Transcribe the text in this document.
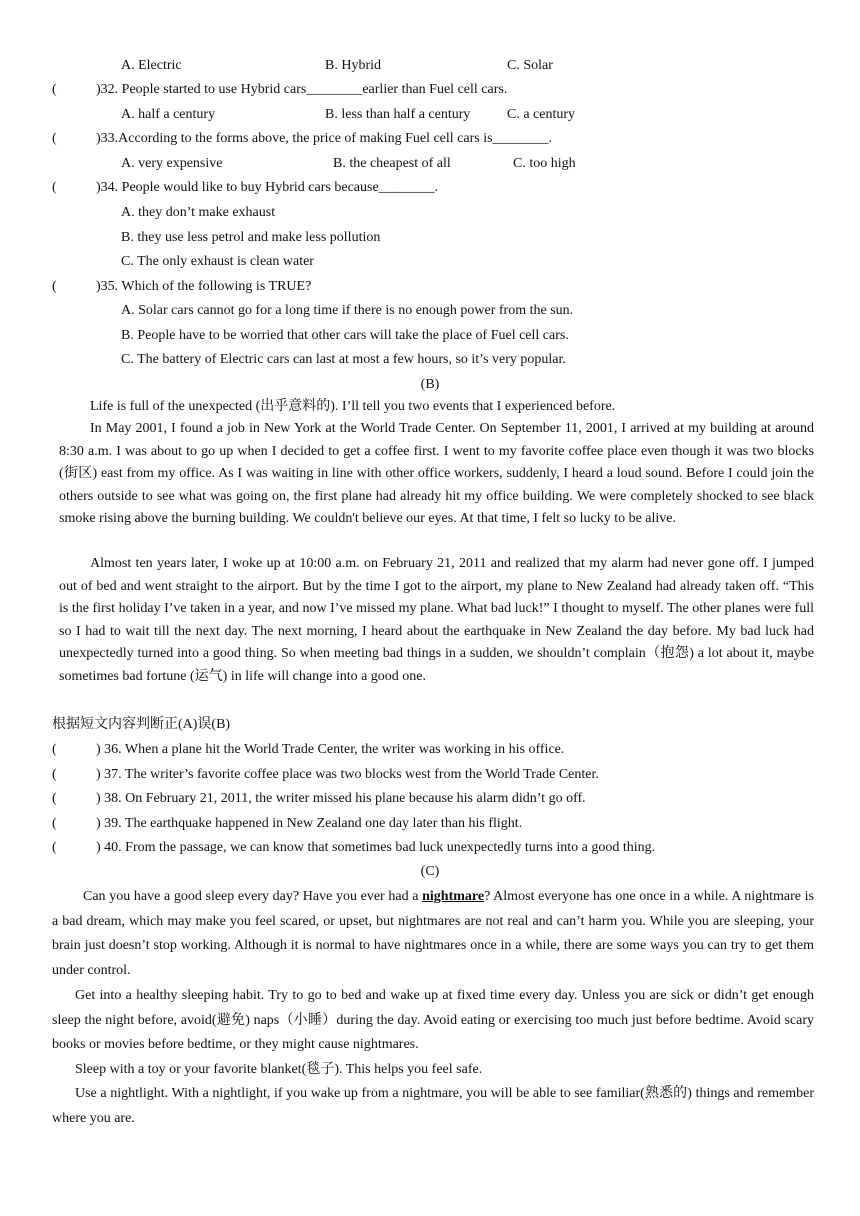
A. Electric	B. Hybrid	C. Solar
(	)32. People started to use Hybrid cars________earlier than Fuel cell cars.
A. half a century	B. less than half a century	C. a century
(	)33.According to the forms above, the price of making Fuel cell cars is________.
A. very expensive	B. the cheapest of all	C. too high
(	)34. People would like to buy Hybrid cars because________.
A. they don’t make exhaust
B. they use less petrol and make less pollution
C. The only exhaust is clean water
(	)35. Which of the following is TRUE?
A. Solar cars cannot go for a long time if there is no enough power from the sun.
B. People have to be worried that other cars will take the place of Fuel cell cars.
C. The battery of Electric cars can last at most a few hours, so it’s very popular.
(B)
Life is full of the unexpected (出乎意料的). I’ll tell you two events that I experienced before.
In May 2001, I found a job in New York at the World Trade Center. On September 11, 2001, I arrived at my building at around 8:30 a.m. I was about to go up when I decided to get a coffee first. I went to my favorite coffee place even though it was two blocks (街区) east from my office. As I was waiting in line with other office workers, suddenly, I heard a loud sound. Before I could join the others outside to see what was going on, the first plane had already hit my office building. We were completely shocked to see black smoke rising above the burning building. We couldn't believe our eyes. At that time, I felt so lucky to be alive.
Almost ten years later, I woke up at 10:00 a.m. on February 21, 2011 and realized that my alarm had never gone off. I jumped out of bed and went straight to the airport. But by the time I got to the airport, my plane to New Zealand had already taken off. “This is the first holiday I’ve taken in a year, and now I’ve missed my plane. What bad luck!” I thought to myself. The other planes were full so I had to wait till the next day. The next morning, I heard about the earthquake in New Zealand the day before. My bad luck had unexpectedly turned into a good thing. So when meeting bad things in a sudden, we shouldn’t complain（抱怨) a lot about it, maybe sometimes bad fortune (运气) in life will change into a good one.
根据短文内容判断正(A)误(B)
(	) 36. When a plane hit the World Trade Center, the writer was working in his office.
(	) 37. The writer’s favorite coffee place was two blocks west from the World Trade Center.
(	) 38. On February 21, 2011, the writer missed his plane because his alarm didn’t go off.
(	) 39. The earthquake happened in New Zealand one day later than his flight.
(	) 40. From the passage, we can know that sometimes bad luck unexpectedly turns into a good thing.
(C)
Can you have a good sleep every day? Have you ever had a nightmare? Almost everyone has one once in a while. A nightmare is a bad dream, which may make you feel scared, or upset, but nightmares are not real and can’t harm you. While you are sleeping, your brain just doesn’t stop working. Although it is normal to have nightmares once in a while, there are some ways you can try to get them under control.
Get into a healthy sleeping habit. Try to go to bed and wake up at fixed time every day. Unless you are sick or didn’t get enough sleep the night before, avoid(避免) naps（小睡）during the day. Avoid eating or exercising too much just before bedtime. Avoid scary books or movies before bedtime, or they might cause nightmares.
Sleep with a toy or your favorite blanket(毯子). This helps you feel safe.
Use a nightlight. With a nightlight, if you wake up from a nightmare, you will be able to see familiar(熟悉的) things and remember where you are.
